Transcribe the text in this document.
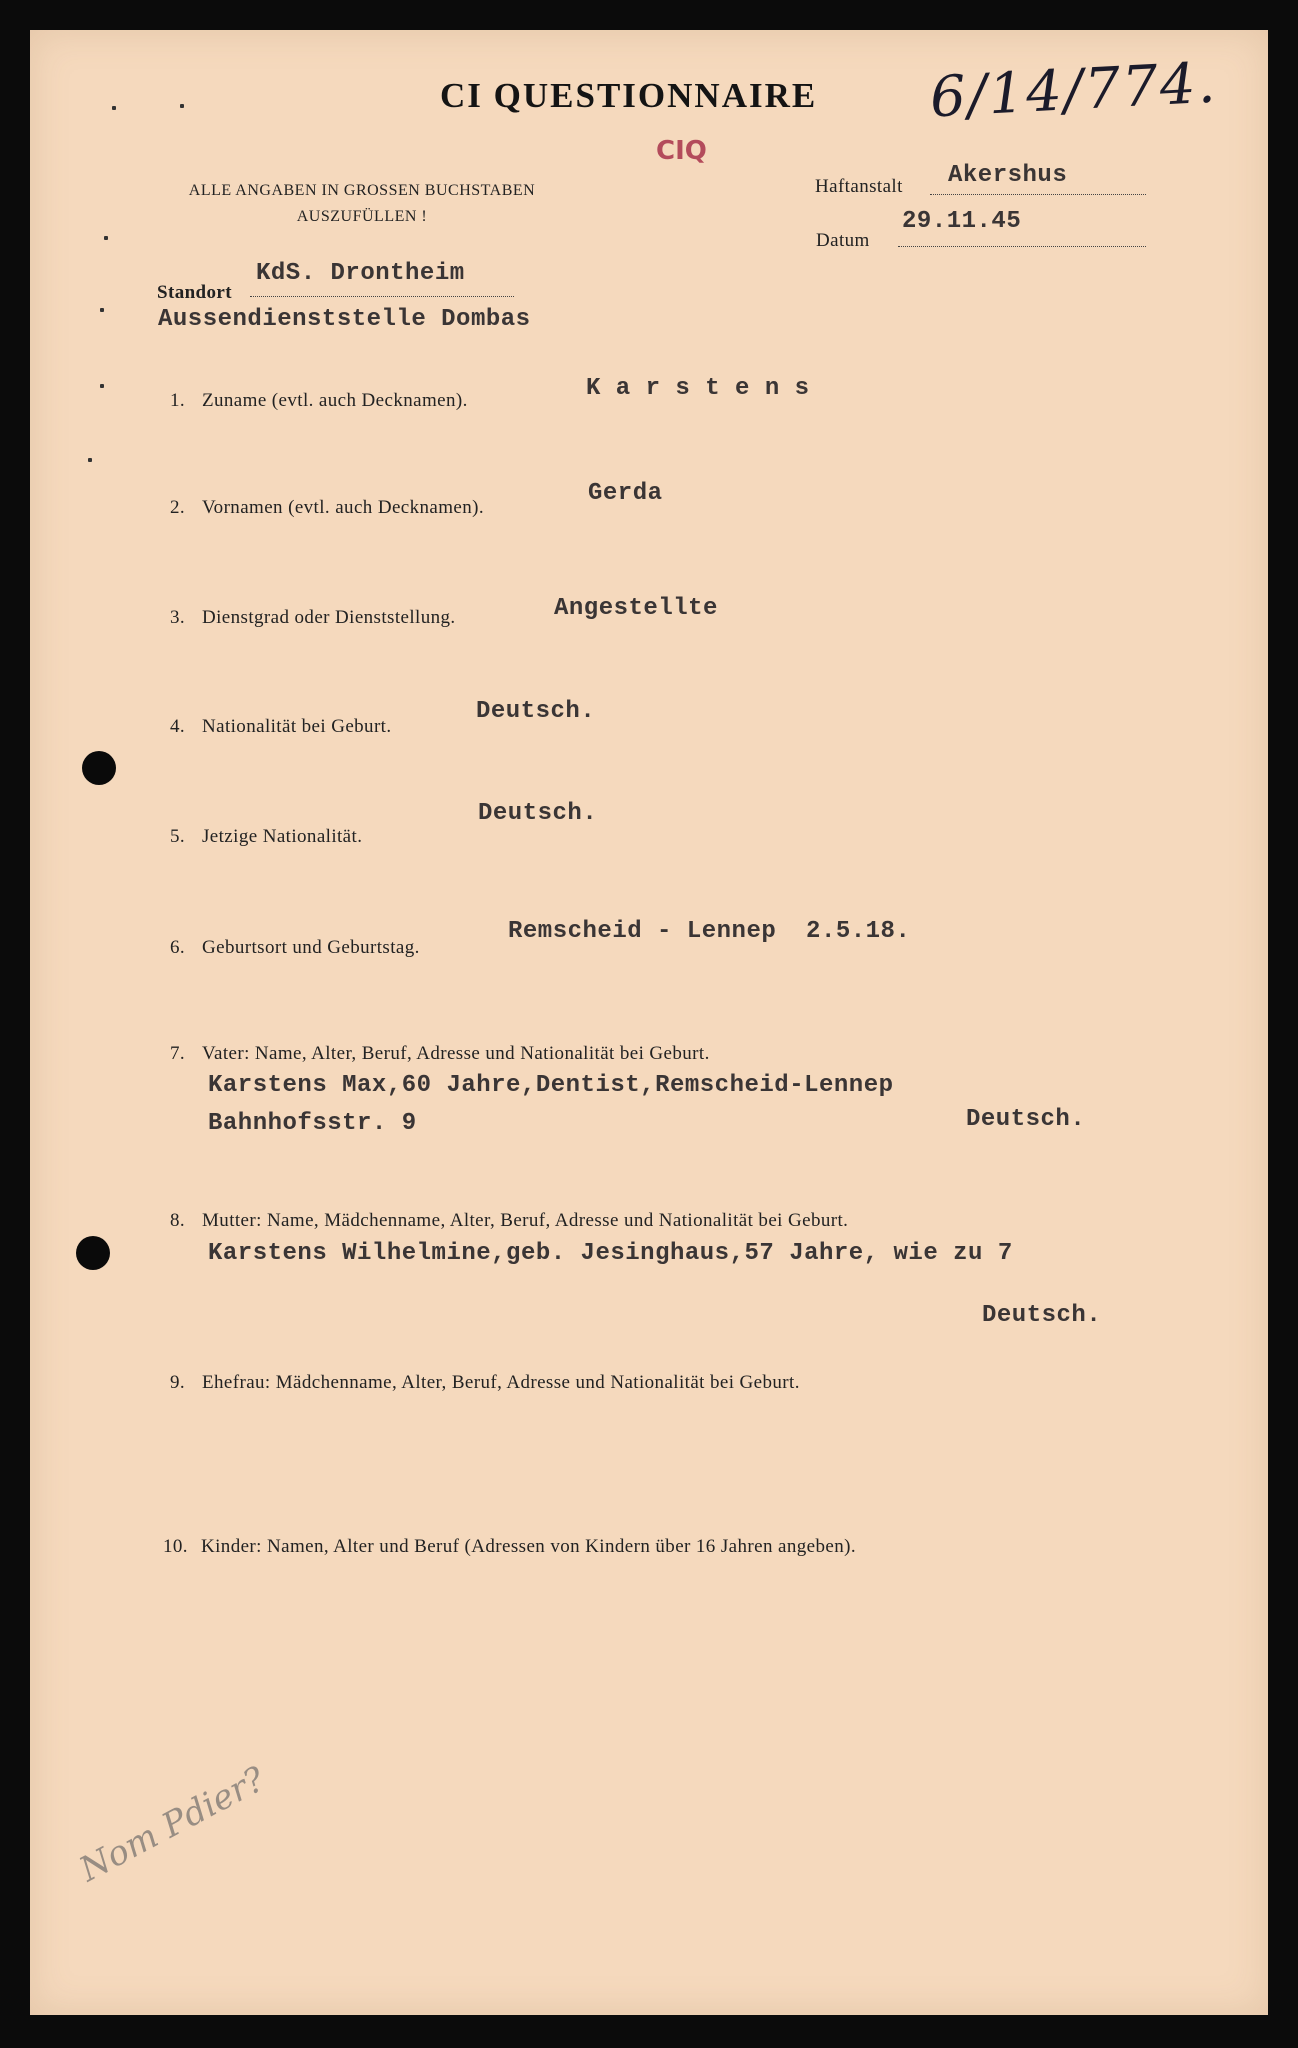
CI QUESTIONNAIRE 6/14/774.
CIQ
ALLE ANGABEN IN GROSSEN BUCHSTABEN
AUSZUFÜLLEN !
Haftanstalt Akershus
Datum
29.11.45
Standort
KdS. Drontheim
Aussendienststelle Dombas
1. Zuname (evtl. auch Decknamen).	K a r s t e n s
2. Vornamen (evtl. auch Decknamen).
Gerda
3. Dienstgrad oder Dienststellung.	Angestellte
4. Nationalität bei Geburt.
Deutsch.
5. Jetzige Nationalität.
Deutsch.
6. Geburtsort und Geburtstag.
Remscheid - Lennep  2.5.18.
7. Vater: Name, Alter, Beruf, Adresse und Nationalität bei Geburt.
Karstens Max,60 Jahre,Dentist,Remscheid-Lennep
Bahnhofsstr. 9	Deutsch.
8. Mutter: Name, Mädchenname, Alter, Beruf, Adresse und Nationalität bei Geburt.
Karstens Wilhelmine,geb. Jesinghaus,57 Jahre, wie zu 7
Deutsch.
9. Ehefrau: Mädchenname, Alter, Beruf, Adresse und Nationalität bei Geburt.
10. Kinder: Namen, Alter und Beruf (Adressen von Kindern über 16 Jahren angeben).
Nom Pdier?
